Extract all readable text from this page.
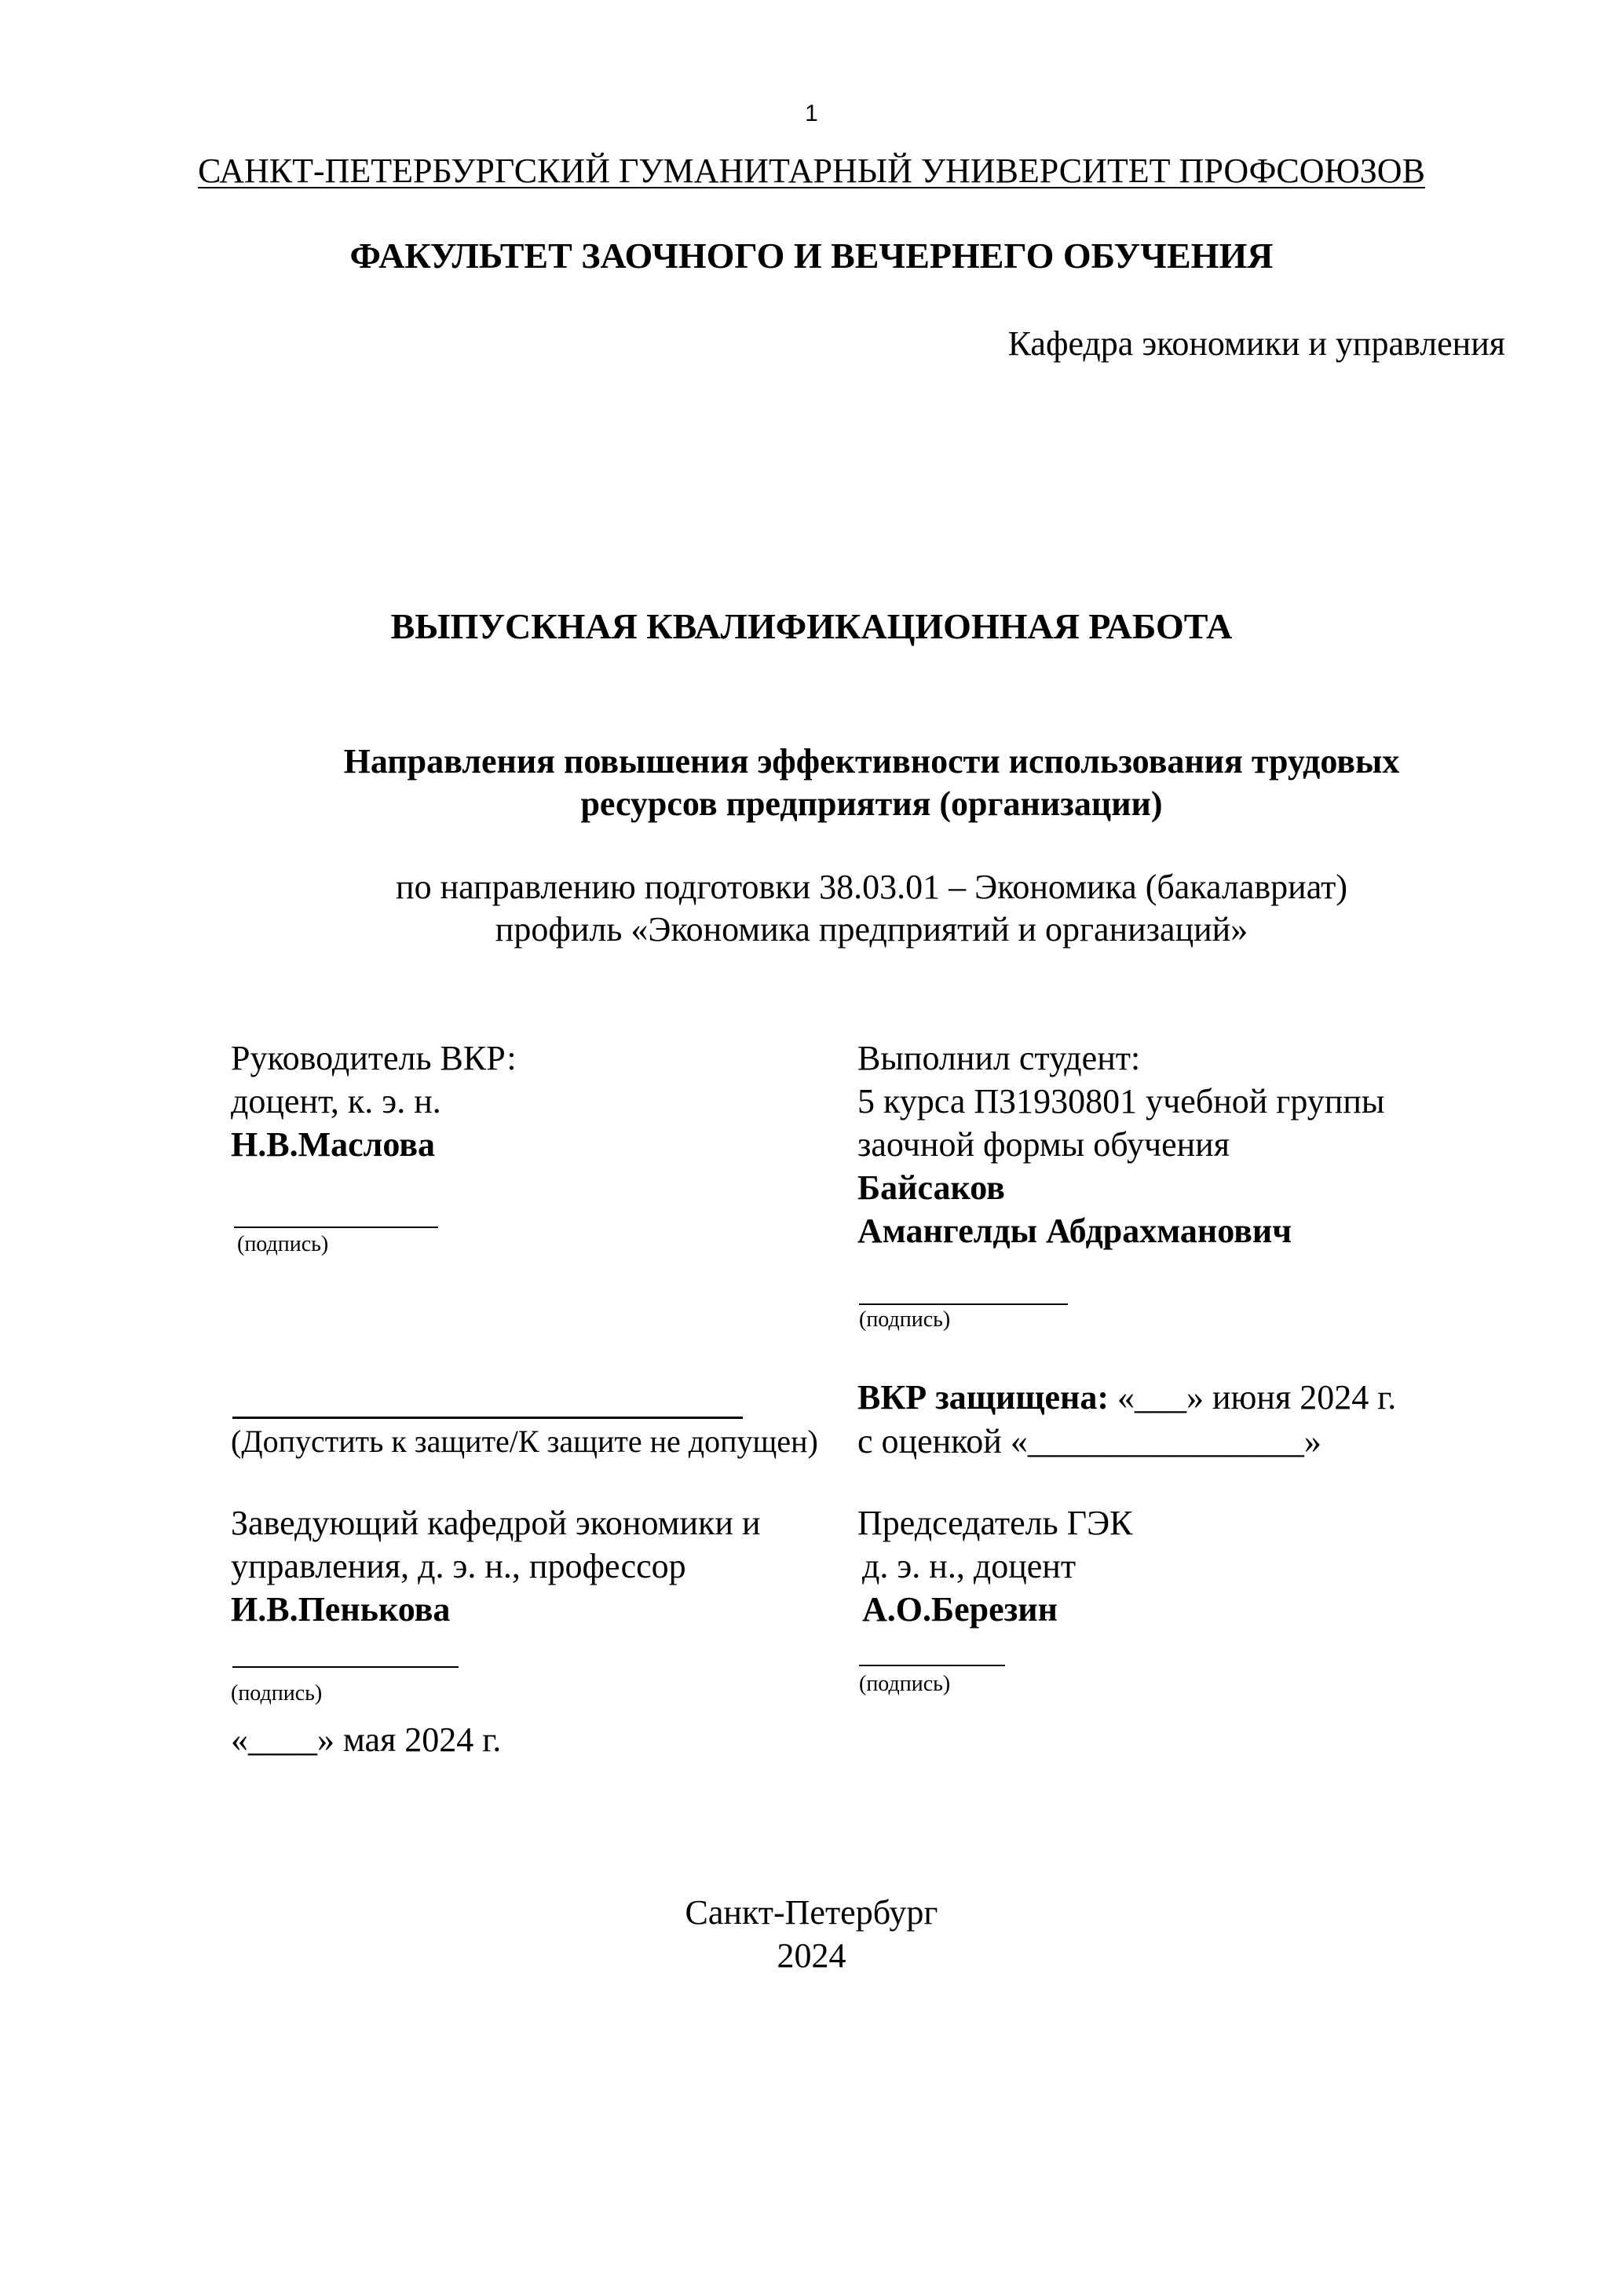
1
САНКТ-ПЕТЕРБУРГСКИЙ ГУМАНИТАРНЫЙ УНИВЕРСИТЕТ ПРОФСОЮЗОВ
ФАКУЛЬТЕТ ЗАОЧНОГО И ВЕЧЕРНЕГО ОБУЧЕНИЯ
Кафедра экономики и управления
ВЫПУСКНАЯ КВАЛИФИКАЦИОННАЯ РАБОТА
Направления повышения эффективности использования трудовых
ресурсов предприятия (организации)
по направлению подготовки 38.03.01 – Экономика (бакалавриат)
профиль «Экономика предприятий и организаций»
Руководитель ВКР:
доцент, к. э. н.
Н.В.Маслова
(подпись)
Выполнил студент:
5 курса ПЗ1930801 учебной группы
заочной формы обучения
Байсаков
Амангелды Абдрахманович
(подпись)
(Допустить к защите/К защите не допущен)
ВКР защищена: «___» июня 2024 г.
с оценкой «________________»
Заведующий кафедрой экономики и
управления, д. э. н., профессор
И.В.Пенькова
(подпись)
«____» мая 2024 г.
Председатель ГЭК
д. э. н., доцент
А.О.Березин
(подпись)
Санкт-Петербург
2024
